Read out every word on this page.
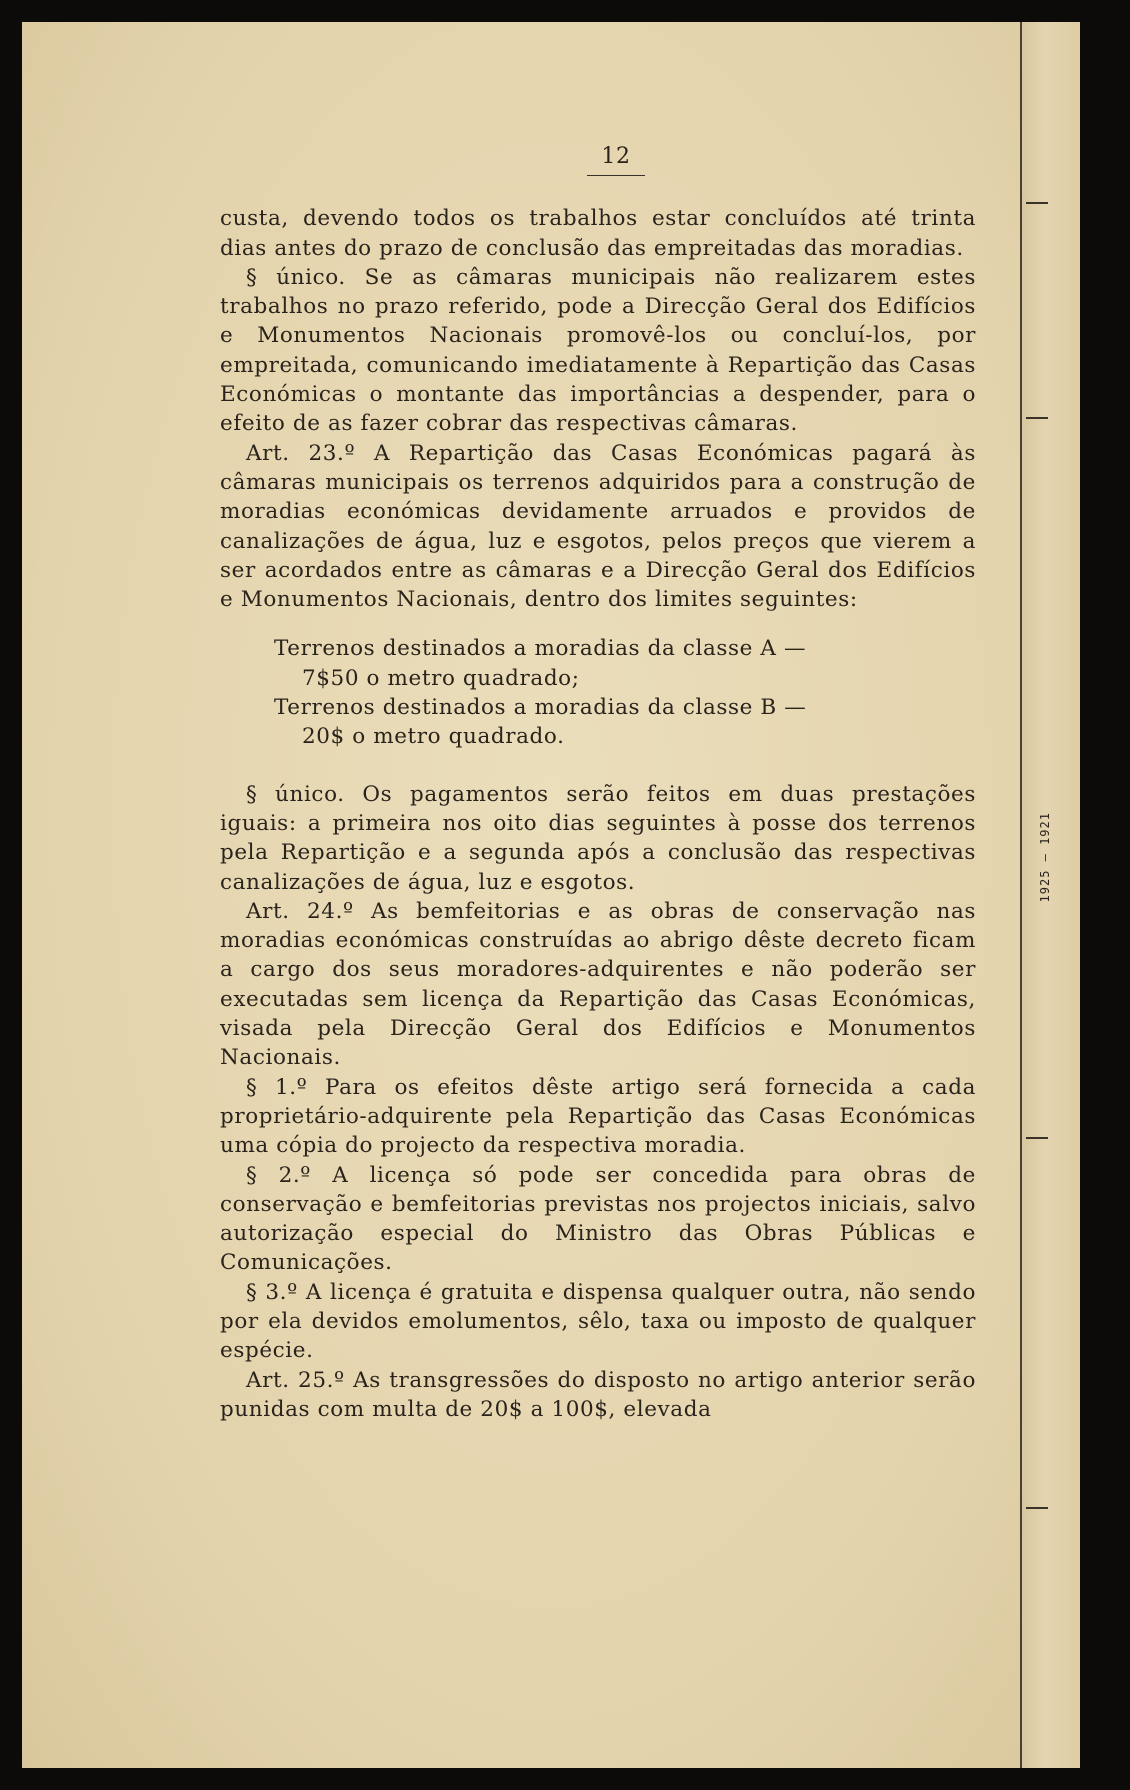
1925 — 1921
12

custa, devendo todos os trabalhos estar concluídos até trinta dias antes do prazo de conclusão das empreitadas das moradias.

§ único. Se as câmaras municipais não realizarem estes trabalhos no prazo referido, pode a Direcção Geral dos Edifícios e Monumentos Nacionais promovê-los ou concluí-los, por empreitada, comunicando imediatamente à Repartição das Casas Económicas o montante das importâncias a despender, para o efeito de as fazer cobrar das respectivas câmaras.

Art. 23.º A Repartição das Casas Económicas pagará às câmaras municipais os terrenos adquiridos para a construção de moradias económicas devidamente arruados e providos de canalizações de água, luz e esgotos, pelos preços que vierem a ser acordados entre as câmaras e a Direcção Geral dos Edifícios e Monumentos Nacionais, dentro dos limites seguintes:

Terrenos destinados a moradias da classe A —

7$50 o metro quadrado;

Terrenos destinados a moradias da classe B —

20$ o metro quadrado.

§ único. Os pagamentos serão feitos em duas prestações iguais: a primeira nos oito dias seguintes à posse dos terrenos pela Repartição e a segunda após a conclusão das respectivas canalizações de água, luz e esgotos.

Art. 24.º As bemfeitorias e as obras de conservação nas moradias económicas construídas ao abrigo dêste decreto ficam a cargo dos seus moradores-adquirentes e não poderão ser executadas sem licença da Repartição das Casas Económicas, visada pela Direcção Geral dos Edifícios e Monumentos Nacionais.

§ 1.º Para os efeitos dêste artigo será fornecida a cada proprietário-adquirente pela Repartição das Casas Económicas uma cópia do projecto da respectiva moradia.

§ 2.º A licença só pode ser concedida para obras de conservação e bemfeitorias previstas nos projectos iniciais, salvo autorização especial do Ministro das Obras Públicas e Comunicações.

§ 3.º A licença é gratuita e dispensa qualquer outra, não sendo por ela devidos emolumentos, sêlo, taxa ou imposto de qualquer espécie.

Art. 25.º As transgressões do disposto no artigo anterior serão punidas com multa de 20$ a 100$, elevada
